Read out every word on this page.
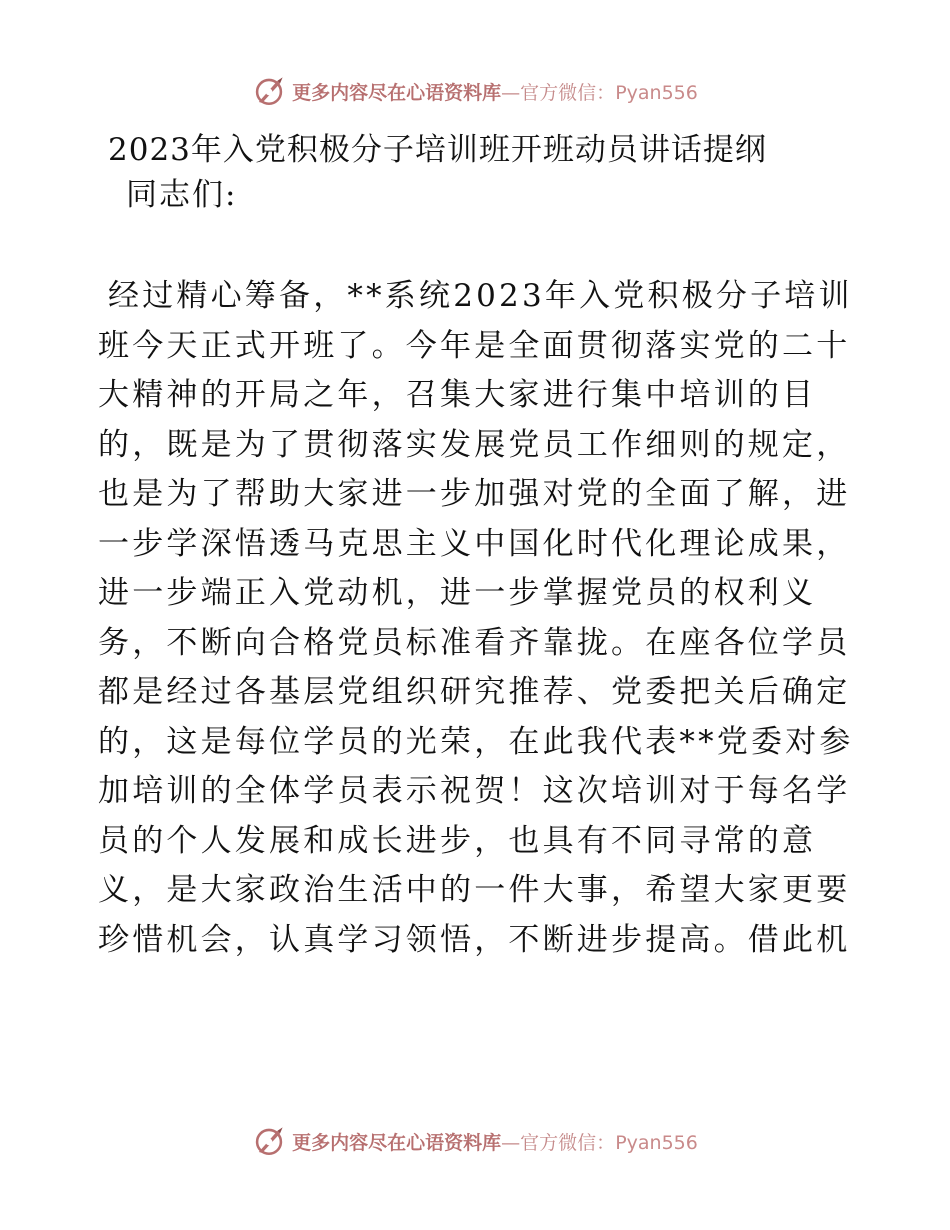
更多内容尽在心语资料库—官方微信：Pyan556
2023年入党积极分子培训班开班动员讲话提纲
同志们:
经过精心筹备，**系统2023年入党积极分子培训
班今天正式开班了。今年是全面贯彻落实党的二十
大精神的开局之年，召集大家进行集中培训的目
的，既是为了贯彻落实发展党员工作细则的规定，
也是为了帮助大家进一步加强对党的全面了解，进
一步学深悟透马克思主义中国化时代化理论成果，
进一步端正入党动机，进一步掌握党员的权利义
务，不断向合格党员标准看齐靠拢。在座各位学员
都是经过各基层党组织研究推荐、党委把关后确定
的，这是每位学员的光荣，在此我代表**党委对参
加培训的全体学员表示祝贺！这次培训对于每名学
员的个人发展和成长进步，也具有不同寻常的意
义，是大家政治生活中的一件大事，希望大家更要
珍惜机会，认真学习领悟，不断进步提高。借此机
更多内容尽在心语资料库—官方微信：Pyan556
